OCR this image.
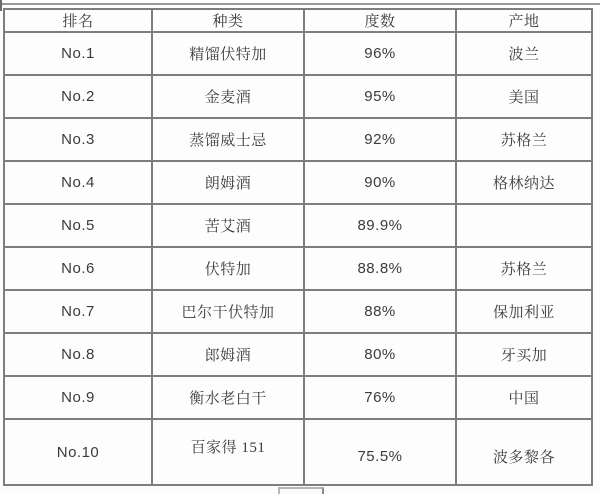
排名	种类	度数	产地
No.1	精馏伏特加	96%	波兰
No.2	金麦酒	95%	美国
No.3	蒸馏威士忌	92%	苏格兰
No.4	朗姆酒	90%	格林纳达
No.5	苦艾酒	89.9%	
No.6	伏特加	88.8%	苏格兰
No.7	巴尔干伏特加	88%	保加利亚
No.8	郎姆酒	80%	牙买加
No.9	衡水老白干	76%	中国
No.10	百家得 151	75.5%	波多黎各
